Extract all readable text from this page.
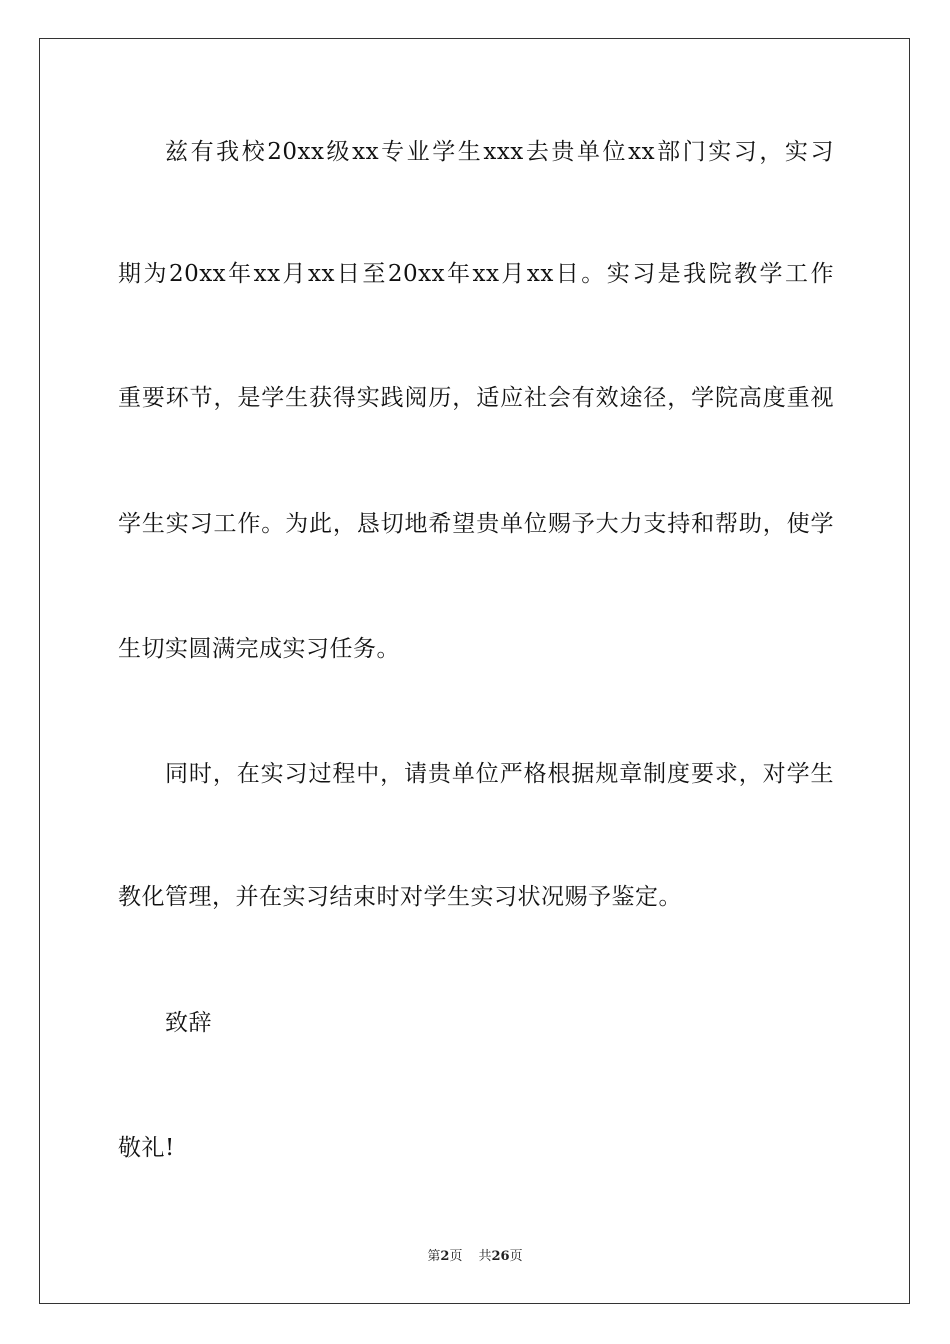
兹有我校20xx级xx专业学生xxx去贵单位xx部门实习，实习
期为20xx年xx月xx日至20xx年xx月xx日。实习是我院教学工作
重要环节，是学生获得实践阅历，适应社会有效途径，学院高度重视
学生实习工作。为此，恳切地希望贵单位赐予大力支持和帮助，使学
生切实圆满完成实习任务。
同时，在实习过程中，请贵单位严格根据规章制度要求，对学生
教化管理，并在实习结束时对学生实习状况赐予鉴定。
致辞
敬礼!
第2页 共26页
